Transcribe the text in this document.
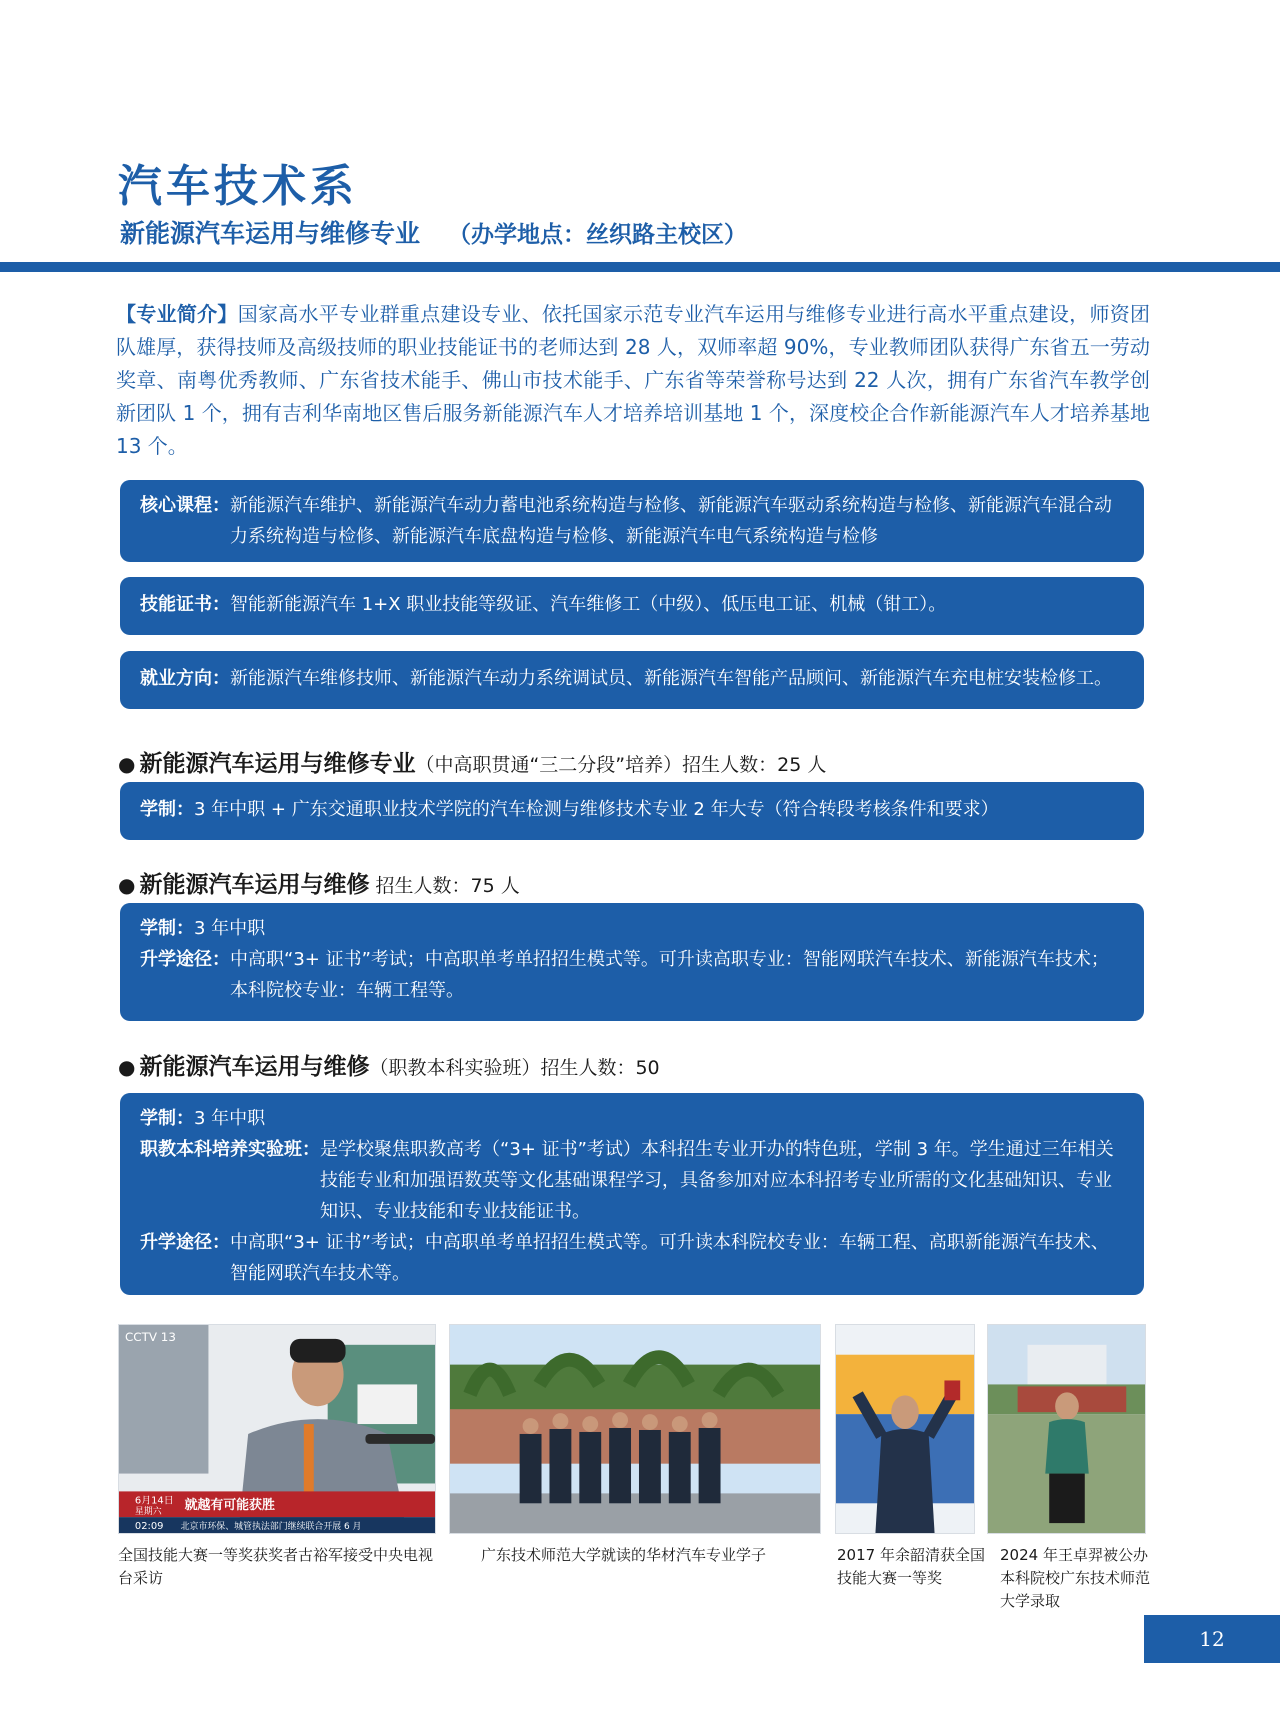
汽车技术系
新能源汽车运用与维修专业 （办学地点：丝织路主校区）
【专业简介】国家高水平专业群重点建设专业、依托国家示范专业汽车运用与维修专业进行高水平重点建设，师资团队雄厚，获得技师及高级技师的职业技能证书的老师达到 28 人，双师率超 90%，专业教师团队获得广东省五一劳动奖章、南粤优秀教师、广东省技术能手、佛山市技术能手、广东省等荣誉称号达到 22 人次，拥有广东省汽车教学创新团队 1 个，拥有吉利华南地区售后服务新能源汽车人才培养培训基地 1 个，深度校企合作新能源汽车人才培养基地 13 个。
核心课程： 新能源汽车维护、新能源汽车动力蓄电池系统构造与检修、新能源汽车驱动系统构造与检修、新能源汽车混合动 力系统构造与检修、新能源汽车底盘构造与检修、新能源汽车电气系统构造与检修
技能证书： 智能新能源汽车 1+X 职业技能等级证、汽车维修工（中级）、低压电工证、机械（钳工）。
就业方向： 新能源汽车维修技师、新能源汽车动力系统调试员、新能源汽车智能产品顾问、新能源汽车充电桩安装检修工。
● 新能源汽车运用与维修专业（中高职贯通“三二分段”培养）招生人数：25 人
学制： 3 年中职 + 广东交通职业技术学院的汽车检测与维修技术专业 2 年大专（符合转段考核条件和要求）
● 新能源汽车运用与维修 招生人数：75 人
学制： 3 年中职
升学途径： 中高职“3+ 证书”考试；中高职单考单招招生模式等。可升读高职专业：智能网联汽车技术、新能源汽车技术；本科院校专业：车辆工程等。
● 新能源汽车运用与维修（职教本科实验班）招生人数：50
学制： 3 年中职
职教本科培养实验班： 是学校聚焦职教高考（“3+ 证书”考试）本科招生专业开办的特色班，学制 3 年。学生通过三年相关技能专业和加强语数英等文化基础课程学习，具备参加对应本科招考专业所需的文化基础知识、专业知识、专业技能和专业技能证书。
升学途径： 中高职“3+ 证书”考试；中高职单考单招招生模式等。可升读本科院校专业：车辆工程、高职新能源汽车技术、智能网联汽车技术等。
CCTV 13
6月14日
星期六 就越有可能获胜
02:09 北京市环保、城管执法部门继续联合开展 6 月
全国技能大赛一等奖获奖者古裕军接受中央电视台采访
广东技术师范大学就读的华材汽车专业学子	2017 年余韶清获全国技能大赛一等奖
2024 年王卓羿被公办本科院校广东技术师范大学录取
12
